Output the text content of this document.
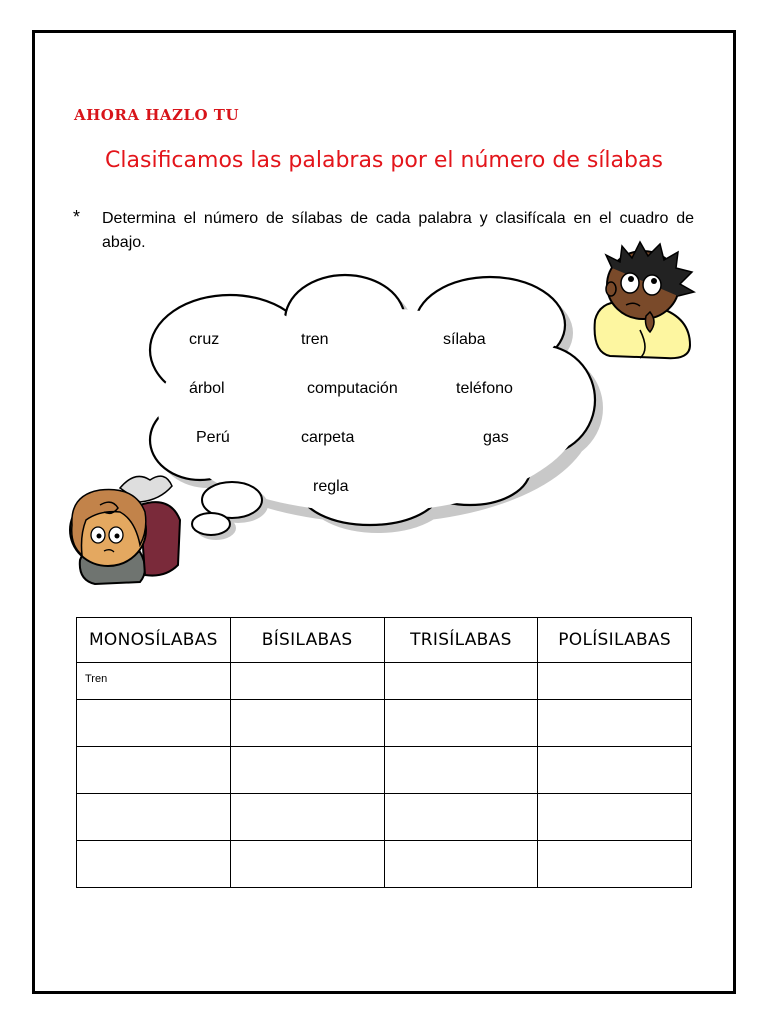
AHORA HAZLO TU
Clasificamos las palabras por el número de sílabas
* Determina el número de sílabas de cada palabra y clasifícala en el cuadro de abajo.
cruz	tren	sílaba
árbol	computación	teléfono
Perú	carpeta	gas
regla
MONOSÍLABAS	BÍSILABAS	TRISÍLABAS	POLÍSILABAS

Tren			
